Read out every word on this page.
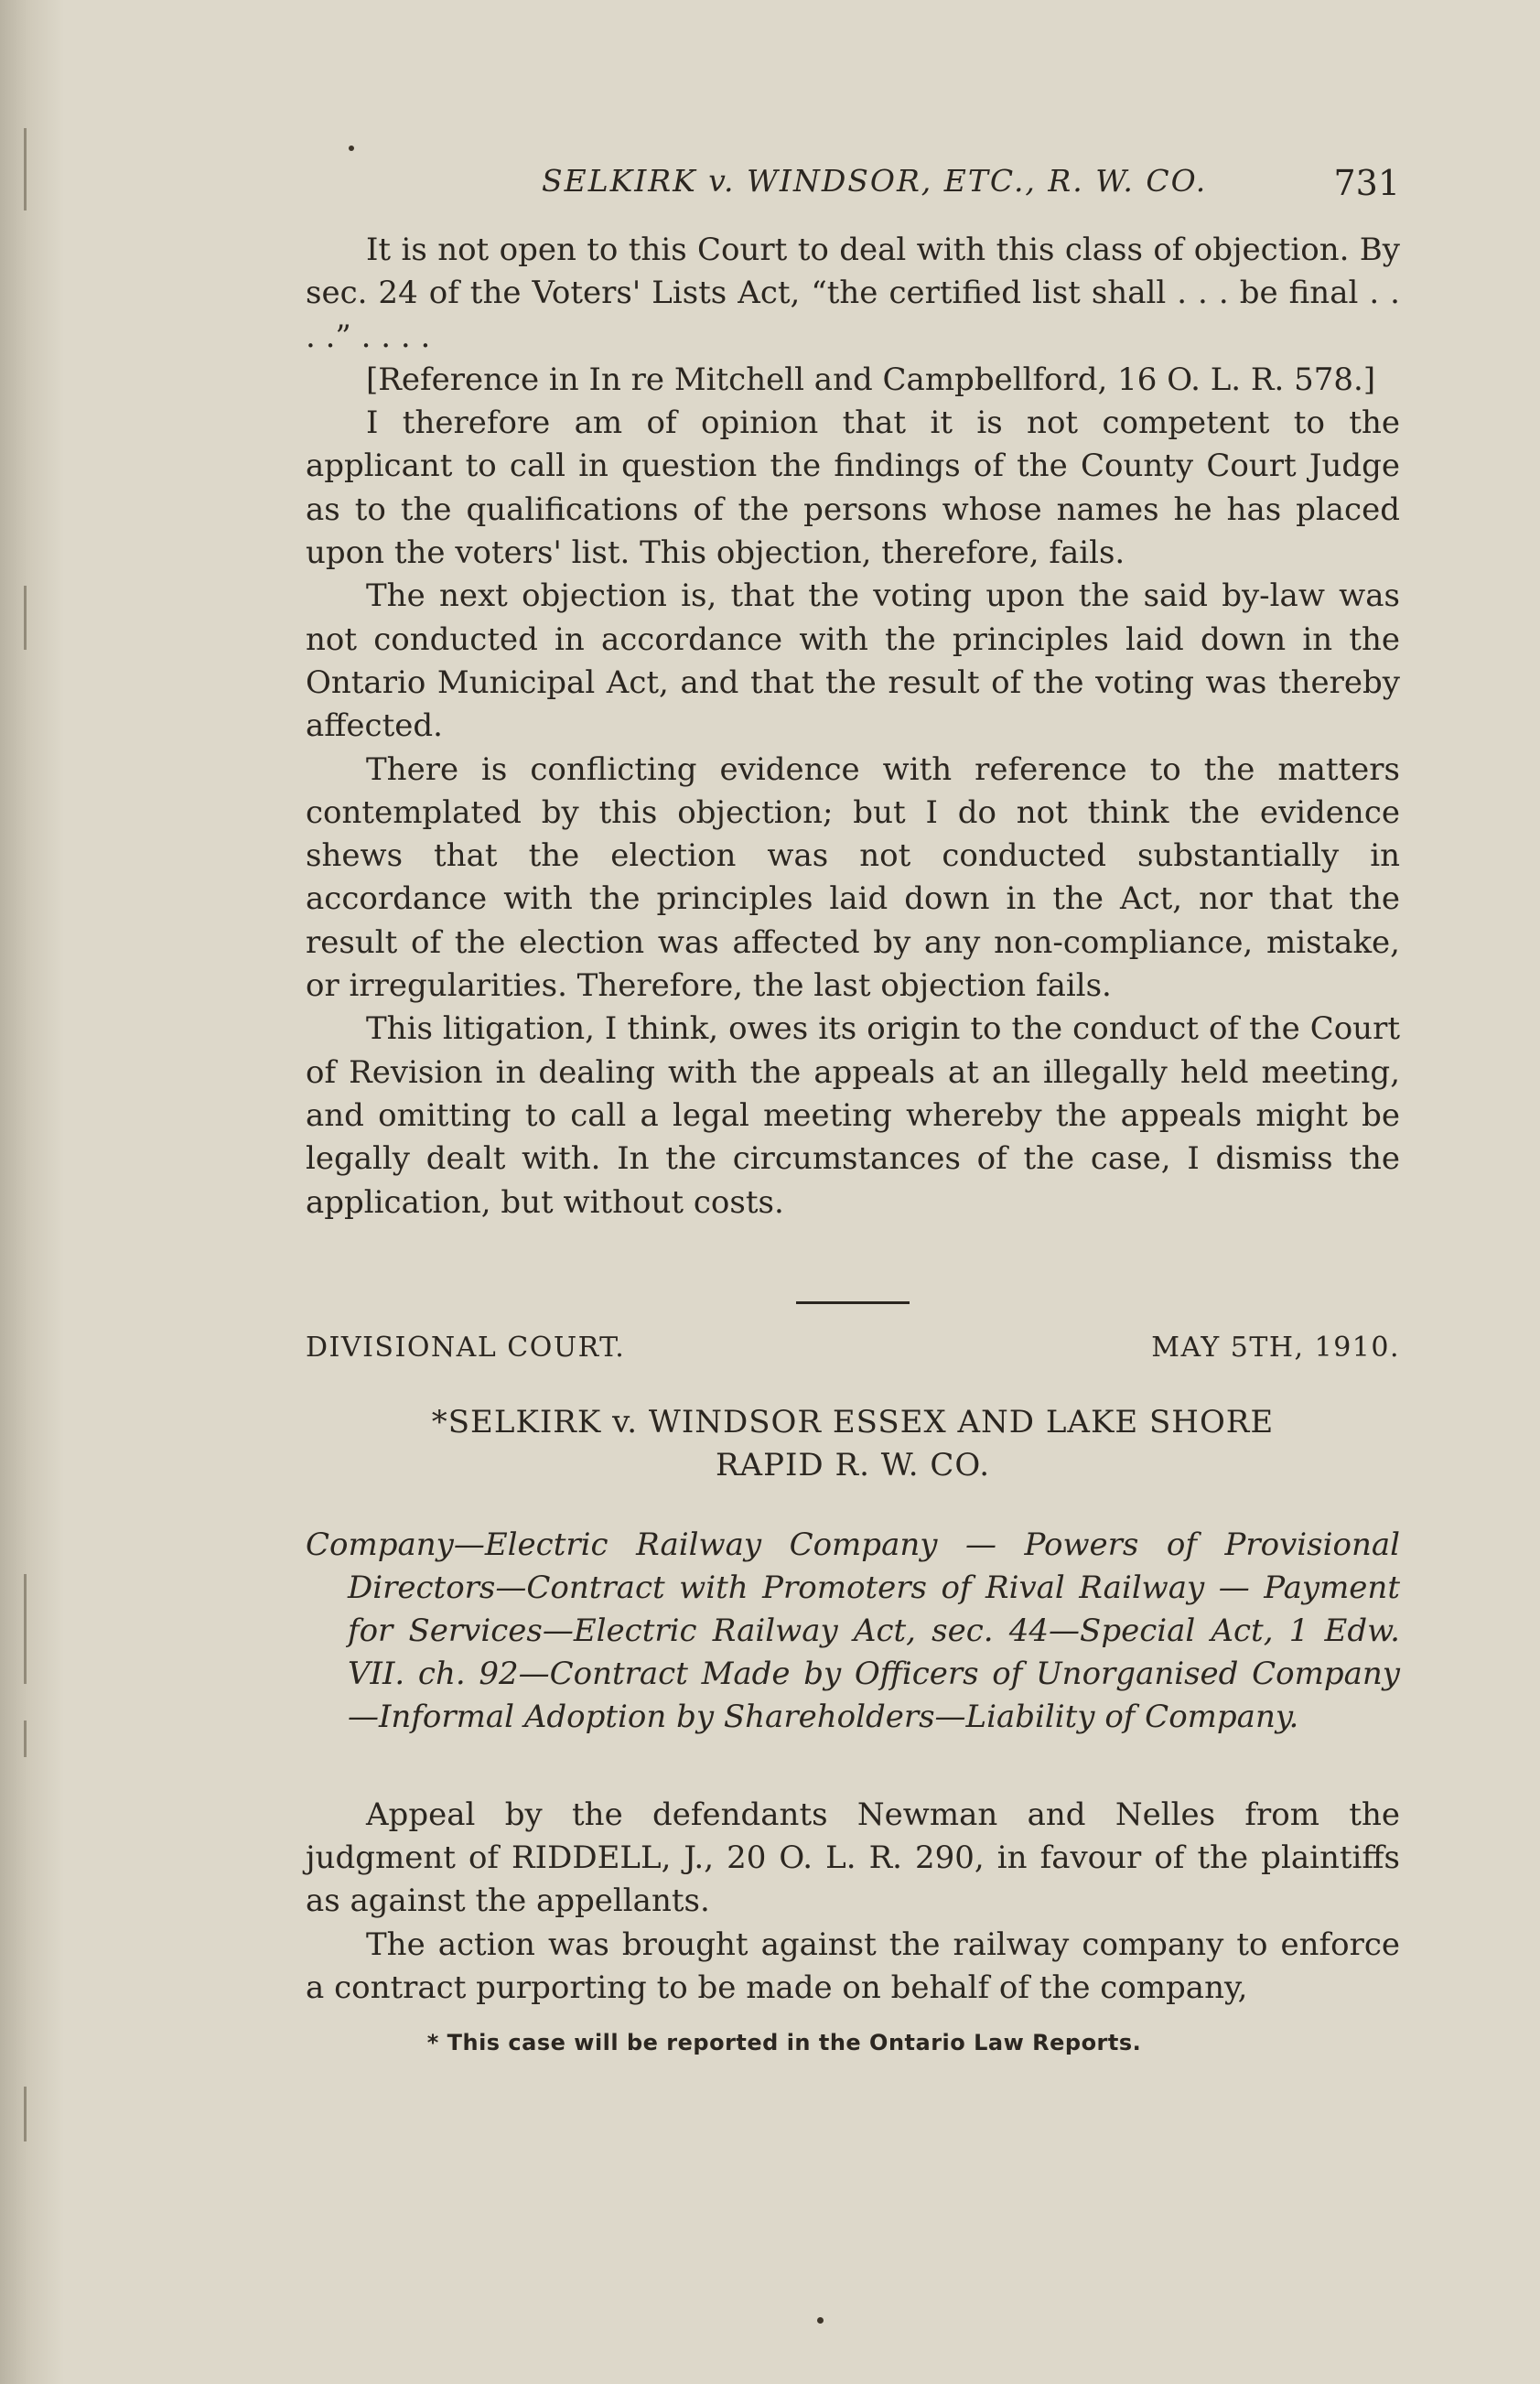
SELKIRK v. WINDSOR, ETC., R. W. CO.	731

It is not open to this Court to deal with this class of objection. By sec. 24 of the Voters' Lists Act, “the certified list shall . . . be final . . . .” . . . .

[Reference in In re Mitchell and Campbellford, 16 O. L. R. 578.]

I therefore am of opinion that it is not competent to the applicant to call in question the findings of the County Court Judge as to the qualifications of the persons whose names he has placed upon the voters' list. This objection, therefore, fails.

The next objection is, that the voting upon the said by-law was not conducted in accordance with the principles laid down in the Ontario Municipal Act, and that the result of the voting was thereby affected.

There is conflicting evidence with reference to the matters contemplated by this objection; but I do not think the evidence shews that the election was not conducted substantially in accordance with the principles laid down in the Act, nor that the result of the election was affected by any non-compliance, mistake, or irregularities. Therefore, the last objection fails.

This litigation, I think, owes its origin to the conduct of the Court of Revision in dealing with the appeals at an illegally held meeting, and omitting to call a legal meeting whereby the appeals might be legally dealt with. In the circumstances of the case, I dismiss the application, but without costs.

DIVISIONAL COURT.	MAY 5TH, 1910.
*SELKIRK v. WINDSOR ESSEX AND LAKE SHORE
RAPID R. W. CO.
Company—Electric Railway Company — Powers of Provisional Directors—Contract with Promoters of Rival Railway — Payment for Services—Electric Railway Act, sec. 44—Special Act, 1 Edw. VII. ch. 92—Contract Made by Officers of Unorganised Company—Informal Adoption by Shareholders—Liability of Company.

Appeal by the defendants Newman and Nelles from the judgment of RIDDELL, J., 20 O. L. R. 290, in favour of the plaintiffs as against the appellants.

The action was brought against the railway company to enforce a contract purporting to be made on behalf of the company,

* This case will be reported in the Ontario Law Reports.
